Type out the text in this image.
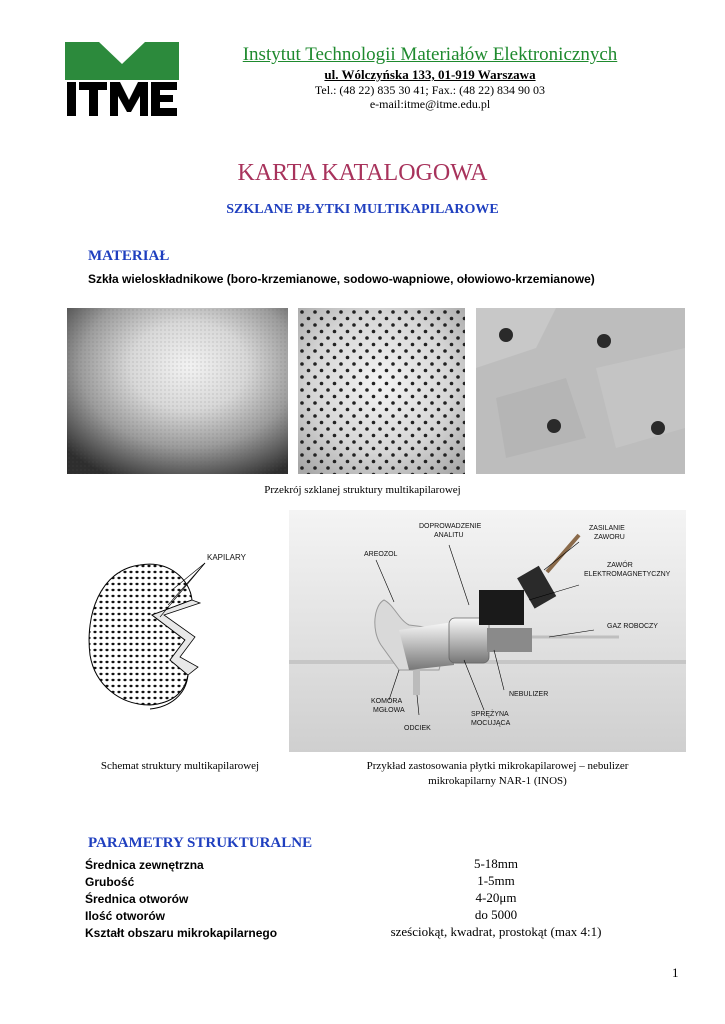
Instytut Technologii Materiałów Elektronicznych
ul. Wólczyńska 133, 01-919 Warszawa
Tel.: (48 22) 835 30 41; Fax.: (48 22) 834 90 03
e-mail:itme@itme.edu.pl
KARTA KATALOGOWA
SZKLANE PŁYTKI MULTIKAPILAROWE
MATERIAŁ
Szkła wieloskładnikowe (boro-krzemianowe, sodowo-wapniowe, ołowiowo-krzemianowe)
Przekrój szklanej struktury multikapilarowej
KAPILARY
Schemat struktury multikapilarowej
DOPROWADZENIE
ANALITU
ZASILANIE
ZAWORU
AREOZOL
ZAWÓR
ELEKTROMAGNETYCZNY
GAZ ROBOCZY
NEBULIZER
KOMORA
MGŁOWA
SPRĘŻYNA
MOCUJĄCA
ODCIEK
Przykład zastosowania płytki mikrokapilarowej – nebulizer
mikrokapilarny NAR-1 (INOS)
PARAMETRY STRUKTURALNE
Średnica zewnętrzna	5-18mm
Grubość	1-5mm
Średnica otworów	4-20μm
Ilość otworów	do 5000
Kształt obszaru mikrokapilarnego	sześciokąt, kwadrat, prostokąt (max 4:1)
1
